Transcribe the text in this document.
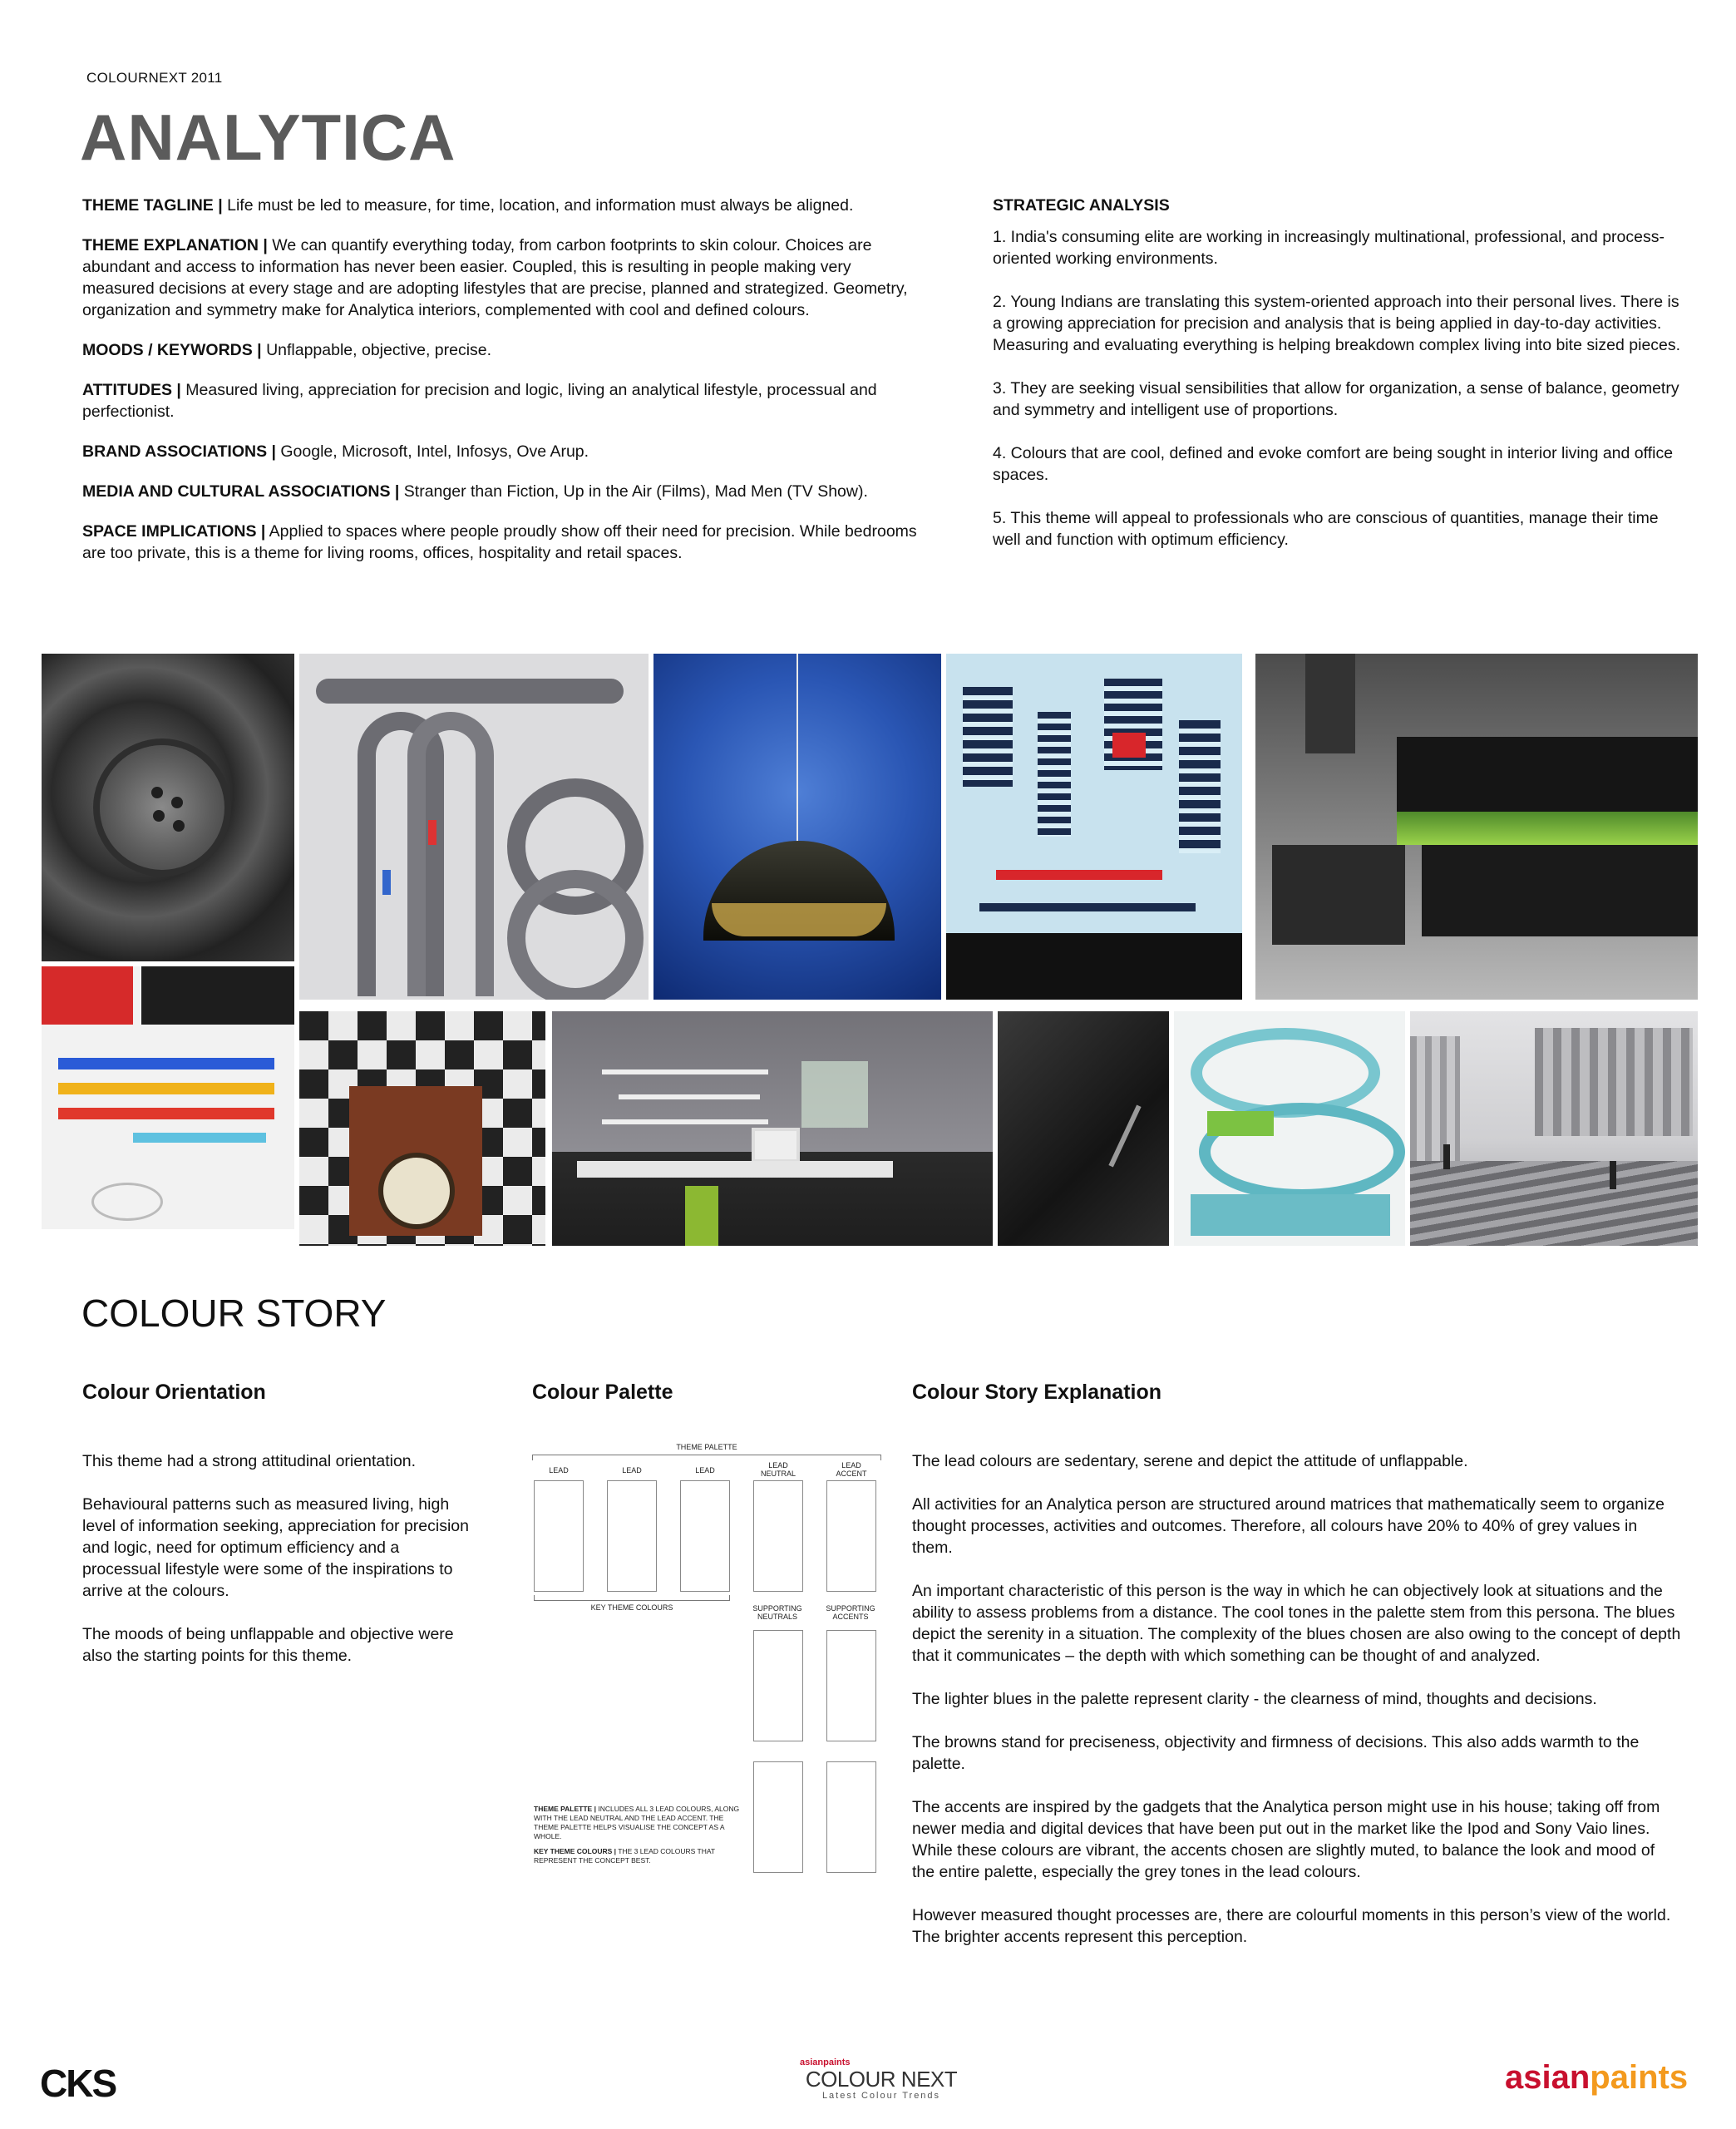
COLOURNEXT 2011
ANALYTICA

THEME TAGLINE | Life must be led to measure, for time, location, and information must always be aligned.

THEME EXPLANATION | We can quantify everything today, from carbon footprints to skin colour. Choices are abundant and access to information has never been easier. Coupled, this is resulting in people making very measured decisions at every stage and are adopting lifestyles that are precise, planned and strategized. Geometry, organization and symmetry make for Analytica interiors, complemented with cool and defined colours.

MOODS / KEYWORDS | Unflappable, objective, precise.

ATTITUDES | Measured living, appreciation for precision and logic, living an analytical lifestyle, processual and perfectionist.

BRAND ASSOCIATIONS | Google, Microsoft, Intel, Infosys, Ove Arup.

MEDIA AND CULTURAL ASSOCIATIONS | Stranger than Fiction, Up in the Air (Films), Mad Men (TV Show).

SPACE IMPLICATIONS | Applied to spaces where people proudly show off their need for precision. While bedrooms are too private, this is a theme for living rooms, offices, hospitality and retail spaces.

STRATEGIC ANALYSIS

1. India's consuming elite are working in increasingly multinational, professional, and process-oriented working environments.

2. Young Indians are translating this system-oriented approach into their personal lives. There is a growing appreciation for precision and analysis that is being applied in day-to-day activities. Measuring and evaluating everything is helping breakdown complex living into bite sized pieces.

3. They are seeking visual sensibilities that allow for organization, a sense of balance, geometry and symmetry and intelligent use of proportions.

4. Colours that are cool, defined and evoke comfort are being sought in interior living and office spaces.

5. This theme will appeal to professionals who are conscious of quantities, manage their time well and function with optimum efficiency.

COLOUR STORY
Colour Orientation

This theme had a strong attitudinal orientation.

Behavioural patterns such as measured living, high level of information seeking, appreciation for precision and logic, need for optimum efficiency and a processual lifestyle were some of the inspirations to arrive at the colours.

The moods of being unflappable and objective were also the starting points for this theme.

Colour Palette
THEME PALETTE
LEAD	LEAD	LEAD
LEAD NEUTRAL
LEAD ACCENT
KEY THEME COLOURS	SUPPORTING NEUTRALS
SUPPORTING ACCENTS
THEME PALETTE | INCLUDES ALL 3 LEAD COLOURS, ALONG WITH THE LEAD NEUTRAL AND THE LEAD ACCENT. THE THEME PALETTE HELPS VISUALISE THE CONCEPT AS A WHOLE.
KEY THEME COLOURS | THE 3 LEAD COLOURS THAT REPRESENT THE CONCEPT BEST.
Colour Story Explanation

The lead colours are sedentary, serene and depict the attitude of unflappable.

All activities for an Analytica person are structured around matrices that mathematically seem to organize thought processes, activities and outcomes. Therefore, all colours have 20% to 40% of grey values in them.

An important characteristic of this person is the way in which he can objectively look at situations and the ability to assess problems from a distance. The cool tones in the palette stem from this persona. The blues depict the serenity in a situation. The complexity of the blues chosen are also owing to the concept of depth that it communicates – the depth with which something can be thought of and analyzed.

The lighter blues in the palette represent clarity - the clearness of mind, thoughts and decisions.

The browns stand for preciseness, objectivity and firmness of decisions. This also adds warmth to the palette.

The accents are inspired by the gadgets that the Analytica person might use in his house; taking off from newer media and digital devices that have been put out in the market like the Ipod and Sony Vaio lines. While these colours are vibrant, the accents chosen are slightly muted, to balance the look and mood of the entire palette, especially the grey tones in the lead colours.

However measured thought processes are, there are colourful moments in this person’s view of the world. The brighter accents represent this perception.

CKS	asianpaints
COLOUR NEXT
Latest Colour Trends	asianpaints
